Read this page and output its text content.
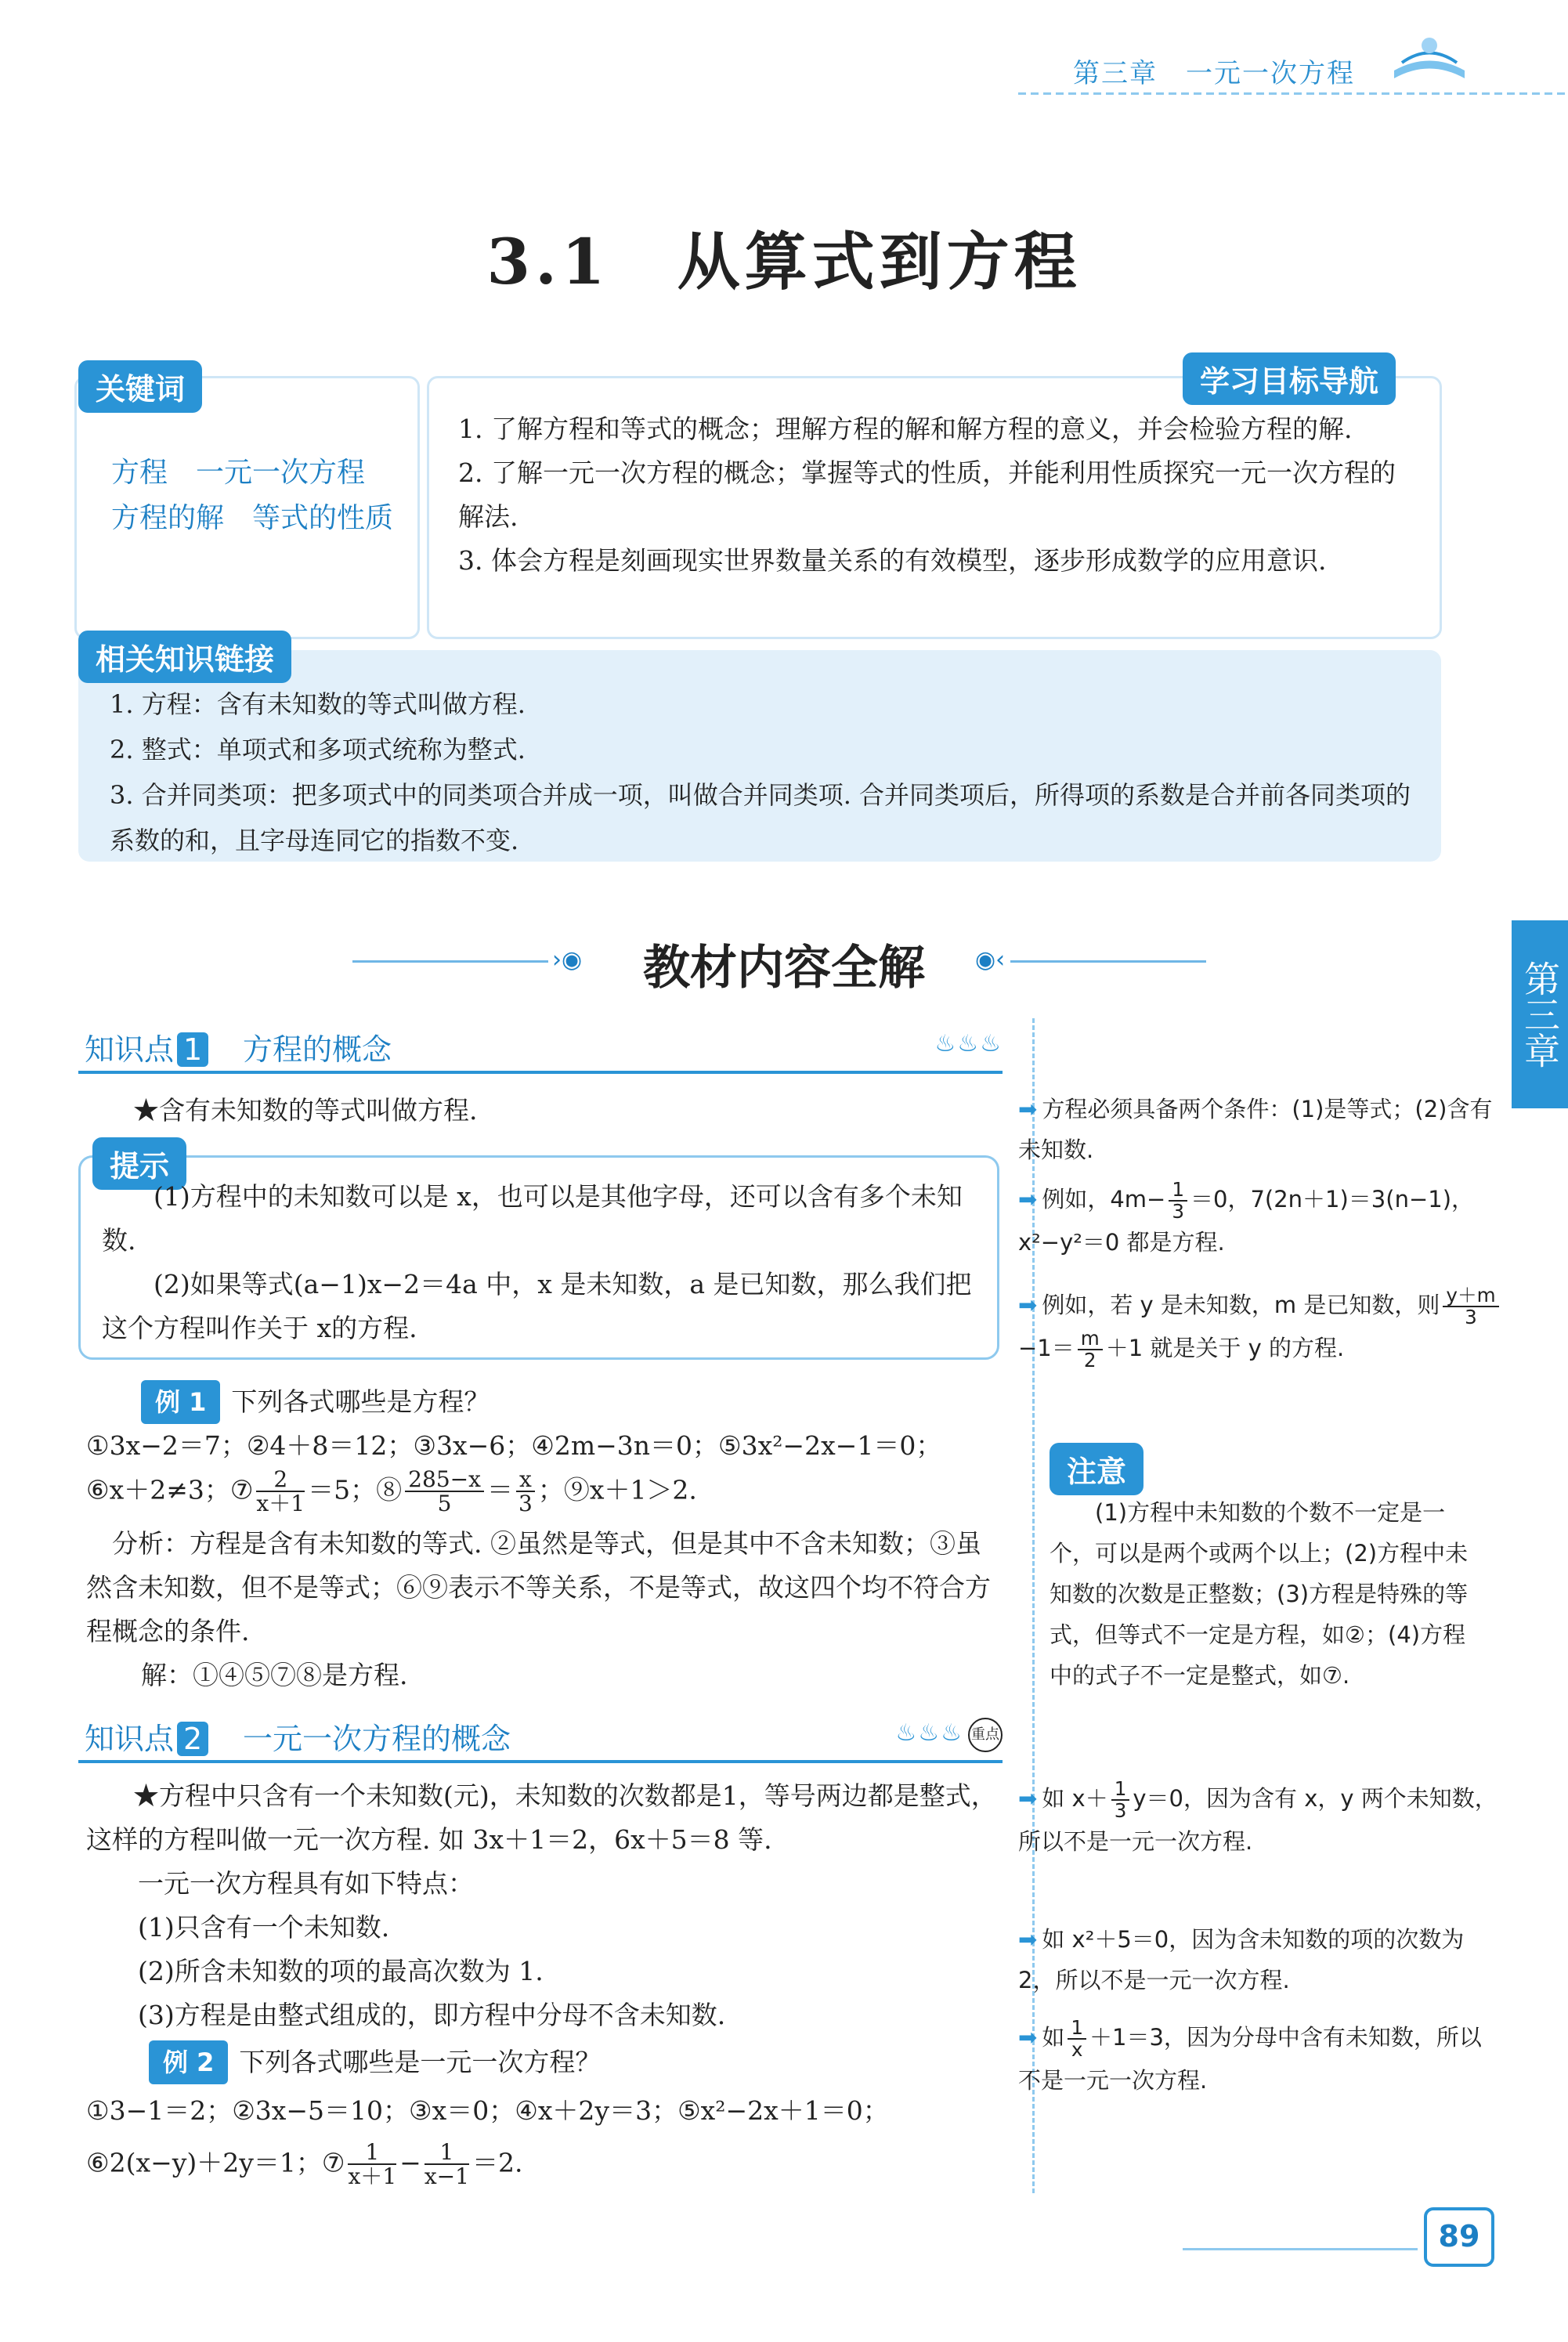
第三章　一元一次方程
3.1　从算式到方程
关键词
方程　一元一次方程　方程的解　等式的性质
学习目标导航

1. 了解方程和等式的概念；理解方程的解和解方程的意义，并会检验方程的解.

2. 了解一元一次方程的概念；掌握等式的性质，并能利用性质探究一元一次方程的解法.

3. 体会方程是刻画现实世界数量关系的有效模型，逐步形成数学的应用意识.

相关知识链接

1. 方程：含有未知数的等式叫做方程.

2. 整式：单项式和多项式统称为整式.

3. 合并同类项：把多项式中的同类项合并成一项，叫做合并同类项. 合并同类项后，所得项的系数是合并前各同类项的系数的和，且字母连同它的指数不变.

›◉	教材内容全解	◉‹
第三章
知识点 1 方程的概念	♨♨♨

★含有未知数的等式叫做方程.

提示

(1)方程中的未知数可以是 x，也可以是其他字母，还可以含有多个未知数.

(2)如果等式(a−1)x−2＝4a 中，x 是未知数，a 是已知数，那么我们把这个方程叫作关于 x的方程.

例 1 下列各式哪些是方程？

①3x−2＝7；②4＋8＝12；③3x−6；④2m−3n＝0；⑤3x²−2x−1＝0；

⑥x＋2≠3；⑦ $\frac{2}{x+1} =5$；⑧ $\frac{285-x}{5} = \frac{x}{3}$ ；⑨x＋1＞2.

分析：方程是含有未知数的等式. ②虽然是等式，但是其中不含未知数；③虽然含未知数，但不是等式；⑥⑨表示不等关系，不是等式，故这四个均不符合方程概念的条件.

解：①④⑤⑦⑧是方程.

知识点 2 一元一次方程的概念	♨♨♨ 重点

★方程中只含有一个未知数(元)，未知数的次数都是1，等号两边都是整式，这样的方程叫做一元一次方程. 如 3x＋1＝2，6x＋5＝8 等.

一元一次方程具有如下特点：

(1)只含有一个未知数.

(2)所含未知数的项的最高次数为 1.

(3)方程是由整式组成的，即方程中分母不含未知数.

例 2 下列各式哪些是一元一次方程？

①3−1＝2；②3x−5＝10；③x＝0；④x＋2y＝3；⑤x²−2x＋1＝0；

⑥2(x−y)＋2y＝1；⑦ $\frac{1}{x+1} - \frac{1}{x-1} =2$.

➡ 方程必须具备两个条件：(1)是等式；(2)含有未知数.

➡ 例如，$4m- \frac{1}{3} =0$，7(2n＋1)＝3(n−1)，x²−y²＝0 都是方程.

➡ 例如，若 y 是未知数，m 是已知数，则 $\frac{y+m}{3}$
$-1= \frac{m}{2} +1$ 就是关于 y 的方程.

注意

(1)方程中未知数的个数不一定是一个，可以是两个或两个以上；(2)方程中未知数的次数是正整数；(3)方程是特殊的等式，但等式不一定是方程，如②；(4)方程中的式子不一定是整式，如⑦.

➡ 如 $x+ \frac{1}{3} y=0$，因为含有 x，y 两个未知数，所以不是一元一次方程.

➡ 如 x²＋5＝0，因为含未知数的项的次数为 2，所以不是一元一次方程.

➡ 如 $\frac{1}{x} +1=3$，因为分母中含有未知数，所以不是一元一次方程.

89
